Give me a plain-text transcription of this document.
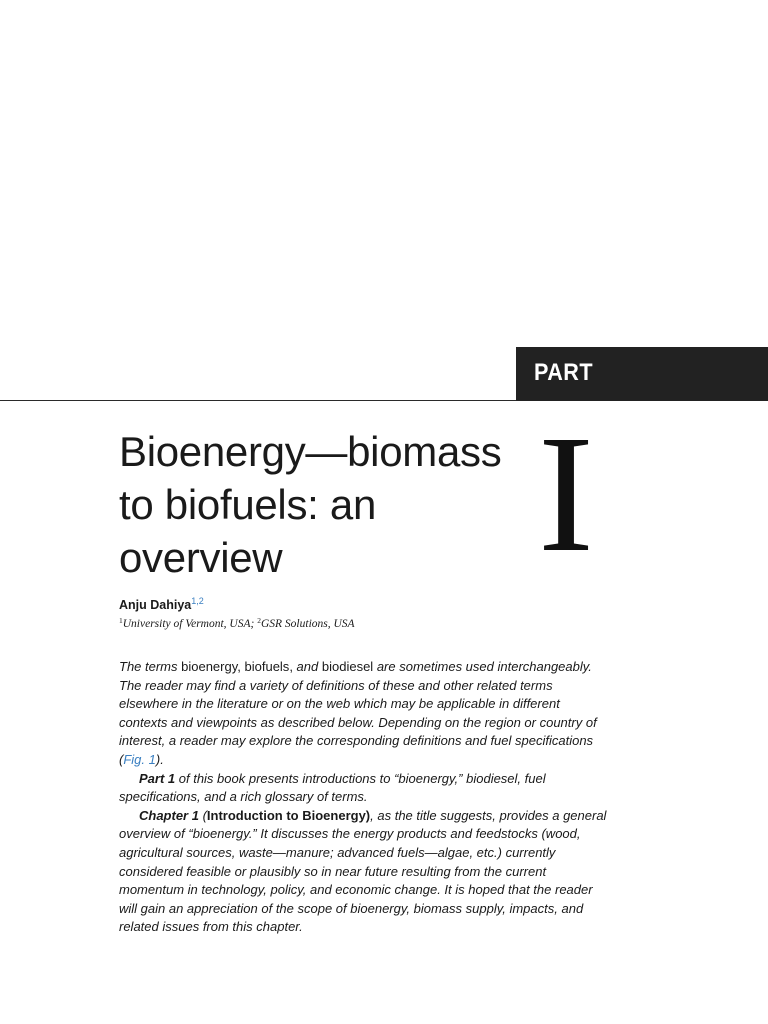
PART
I
Bioenergy—biomass
to biofuels: an
overview
Anju Dahiya$^{1,2}$
$^1$University of Vermont, USA; $^2$GSR Solutions, USA

The terms bioenergy, biofuels, and biodiesel are sometimes used interchangeably. The reader may find a variety of definitions of these and other related terms elsewhere in the literature or on the web which may be applicable in different contexts and viewpoints as described below. Depending on the region or country of interest, a reader may explore the corresponding definitions and fuel specifications (Fig. 1).

Part 1 of this book presents introductions to “bioenergy,” biodiesel, fuel specifications, and a rich glossary of terms.

Chapter 1 (Introduction to Bioenergy), as the title suggests, provides a general overview of “bioenergy.” It discusses the energy products and feedstocks (wood, agricultural sources, waste—manure; advanced fuels—algae, etc.) currently considered feasible or plausibly so in near future resulting from the current momentum in technology, policy, and economic change. It is hoped that the reader will gain an appreciation of the scope of bioenergy, biomass supply, impacts, and related issues from this chapter.
